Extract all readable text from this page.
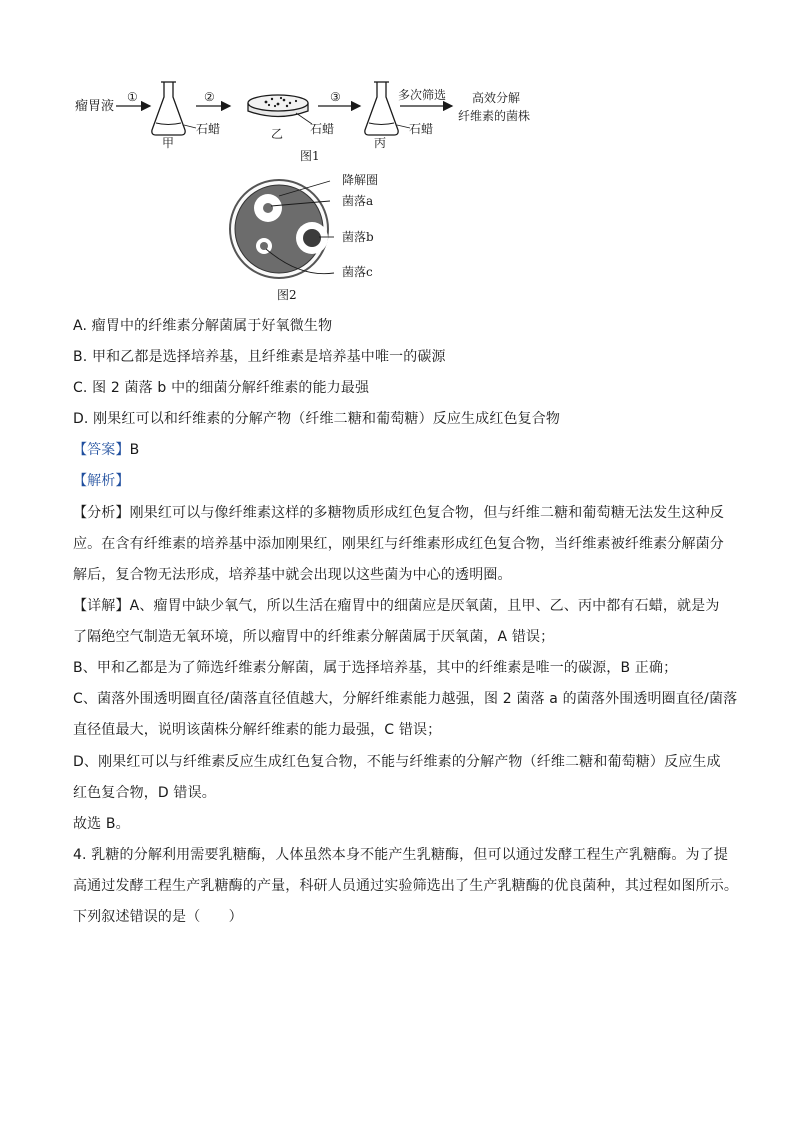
瘤胃液
①
石蜡
甲
②
石蜡
乙
③
石蜡
丙
多次筛选 高效分解
纤维素的菌株
图1
降解圈
菌落a
菌落b
菌落c
图2
A. 瘤胃中的纤维素分解菌属于好氧微生物
B. 甲和乙都是选择培养基，且纤维素是培养基中唯一的碳源
C. 图 2 菌落 b 中的细菌分解纤维素的能力最强
D. 刚果红可以和纤维素的分解产物（纤维二糖和葡萄糖）反应生成红色复合物
【答案】B
【解析】
【分析】刚果红可以与像纤维素这样的多糖物质形成红色复合物，但与纤维二糖和葡萄糖无法发生这种反
应。在含有纤维素的培养基中添加刚果红，刚果红与纤维素形成红色复合物，当纤维素被纤维素分解菌分
解后，复合物无法形成，培养基中就会出现以这些菌为中心的透明圈。
【详解】A、瘤胃中缺少氧气，所以生活在瘤胃中的细菌应是厌氧菌，且甲、乙、丙中都有石蜡，就是为
了隔绝空气制造无氧环境，所以瘤胃中的纤维素分解菌属于厌氧菌，A 错误；
B、甲和乙都是为了筛选纤维素分解菌，属于选择培养基，其中的纤维素是唯一的碳源，B 正确；
C、菌落外围透明圈直径/菌落直径值越大，分解纤维素能力越强，图 2 菌落 a 的菌落外围透明圈直径/菌落
直径值最大，说明该菌株分解纤维素的能力最强，C 错误；
D、刚果红可以与纤维素反应生成红色复合物，不能与纤维素的分解产物（纤维二糖和葡萄糖）反应生成
红色复合物，D 错误。
故选 B。
4. 乳糖的分解利用需要乳糖酶，人体虽然本身不能产生乳糖酶，但可以通过发酵工程生产乳糖酶。为了提
高通过发酵工程生产乳糖酶的产量，科研人员通过实验筛选出了生产乳糖酶的优良菌种，其过程如图所示。
下列叙述错误的是（　　）
